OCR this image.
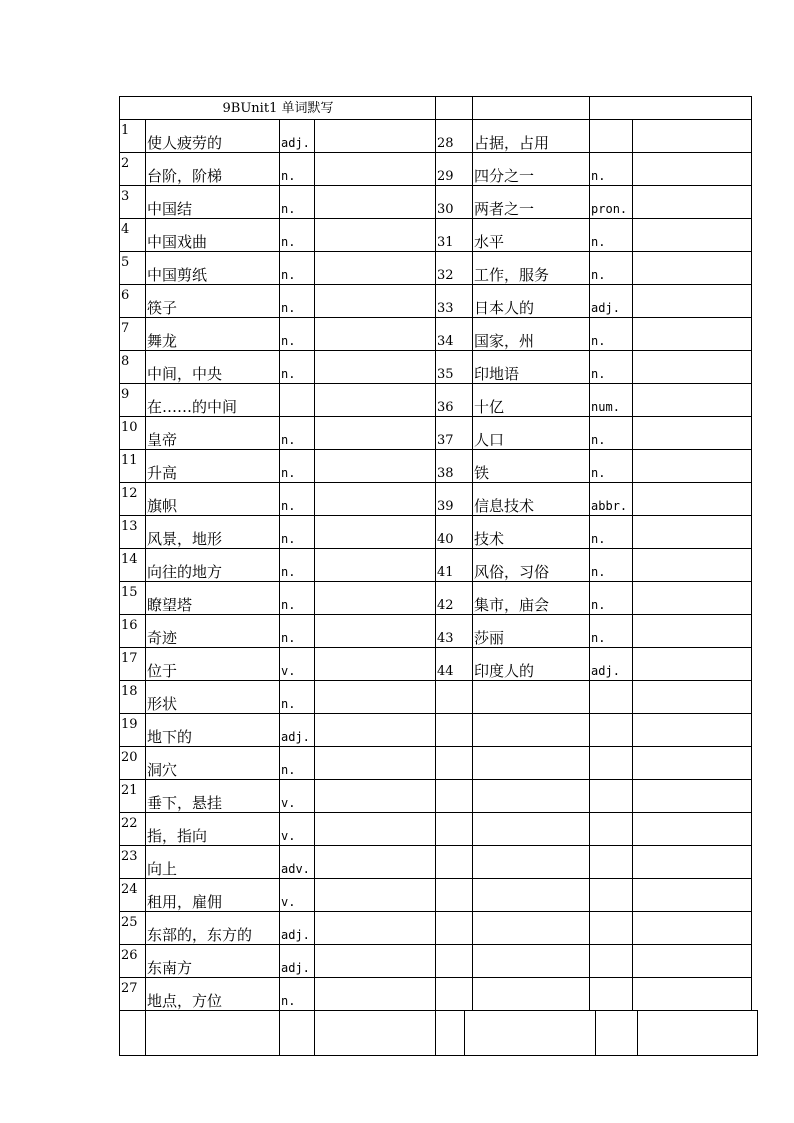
9BUnit1 单词默写							
1	使人疲劳的	adj.		28	占据，占用		
2	台阶，阶梯	n.		29	四分之一	n.	
3	中国结	n.		30	两者之一	pron.	
4	中国戏曲	n.		31	水平	n.	
5	中国剪纸	n.		32	工作，服务	n.	
6	筷子	n.		33	日本人的	adj.	
7	舞龙	n.		34	国家，州	n.	
8	中间，中央	n.		35	印地语	n.	
9	在……的中间			36	十亿	num.	
10	皇帝	n.		37	人口	n.	
11	升高	n.		38	铁	n.	
12	旗帜	n.		39	信息技术	abbr.	
13	风景，地形	n.		40	技术	n.	
14	向往的地方	n.		41	风俗，习俗	n.	
15	瞭望塔	n.		42	集市，庙会	n.	
16	奇迹	n.		43	莎丽	n.	
17	位于	v.		44	印度人的	adj.	
18	形状	n.					
19	地下的	adj.					
20	洞穴	n.					
21	垂下，悬挂	v.					
22	指，指向	v.					
23	向上	adv.					
24	租用，雇佣	v.					
25	东部的，东方的	adj.					
26	东南方	adj.					
27	地点，方位	n.					
